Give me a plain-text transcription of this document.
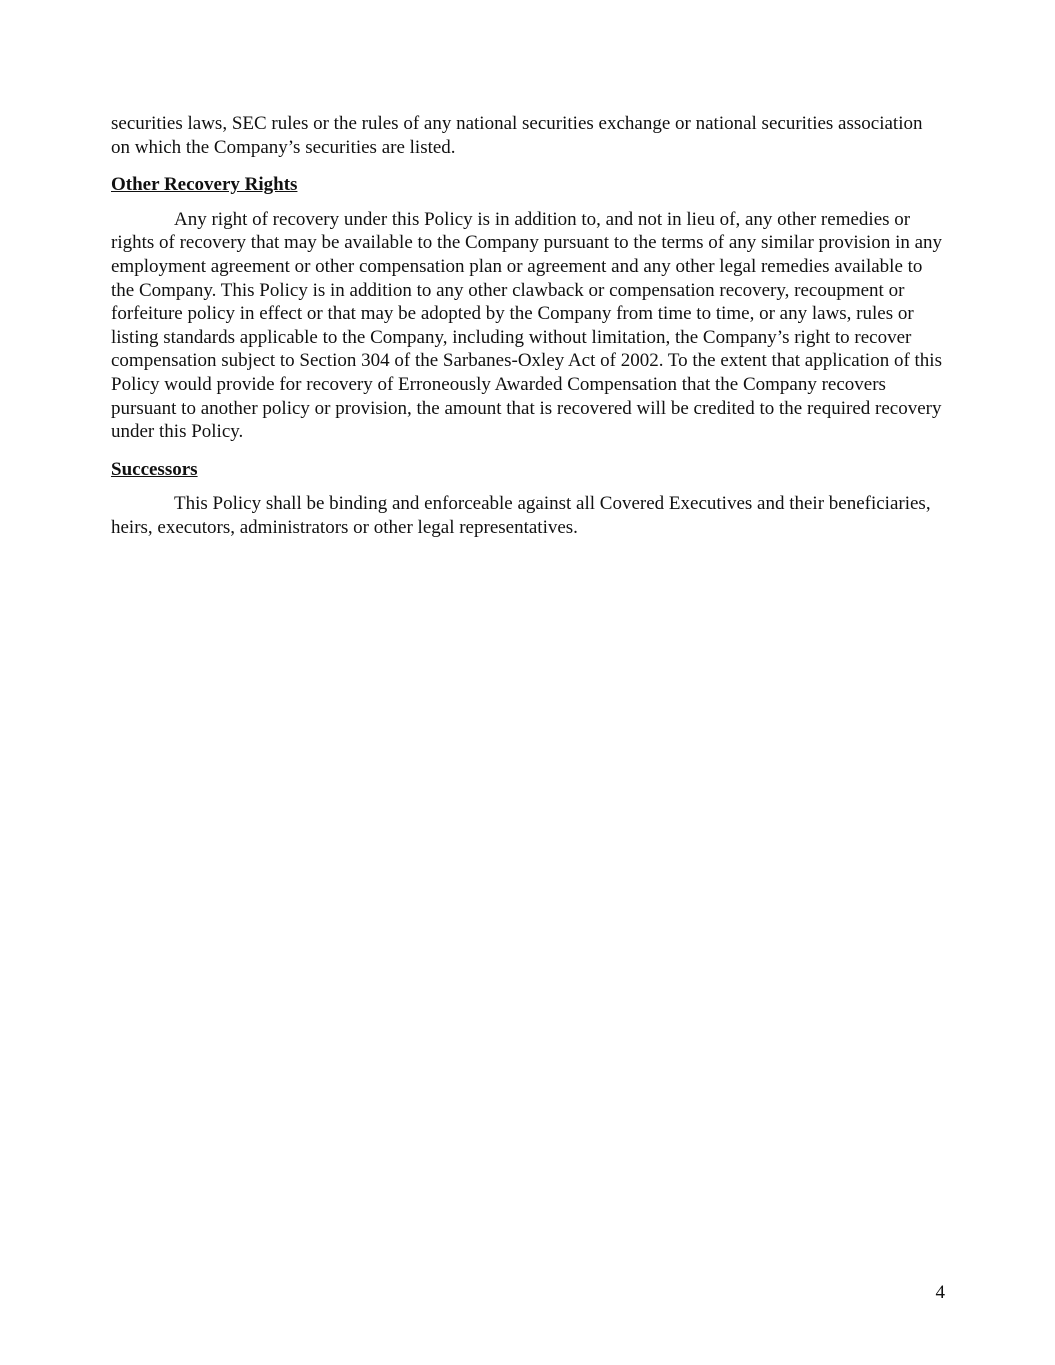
securities laws, SEC rules or the rules of any national securities exchange or national securities association on which the Company’s securities are listed.

Other Recovery Rights

Any right of recovery under this Policy is in addition to, and not in lieu of, any other remedies or rights of recovery that may be available to the Company pursuant to the terms of any similar provision in any employment agreement or other compensation plan or agreement and any other legal remedies available to the Company. This Policy is in addition to any other clawback or compensation recovery, recoupment or forfeiture policy in effect or that may be adopted by the Company from time to time, or any laws, rules or listing standards applicable to the Company, including without limitation, the Company’s right to recover compensation subject to Section 304 of the Sarbanes-Oxley Act of 2002. To the extent that application of this Policy would provide for recovery of Erroneously Awarded Compensation that the Company recovers pursuant to another policy or provision, the amount that is recovered will be credited to the required recovery under this Policy.

Successors

This Policy shall be binding and enforceable against all Covered Executives and their beneficiaries, heirs, executors, administrators or other legal representatives.

4
